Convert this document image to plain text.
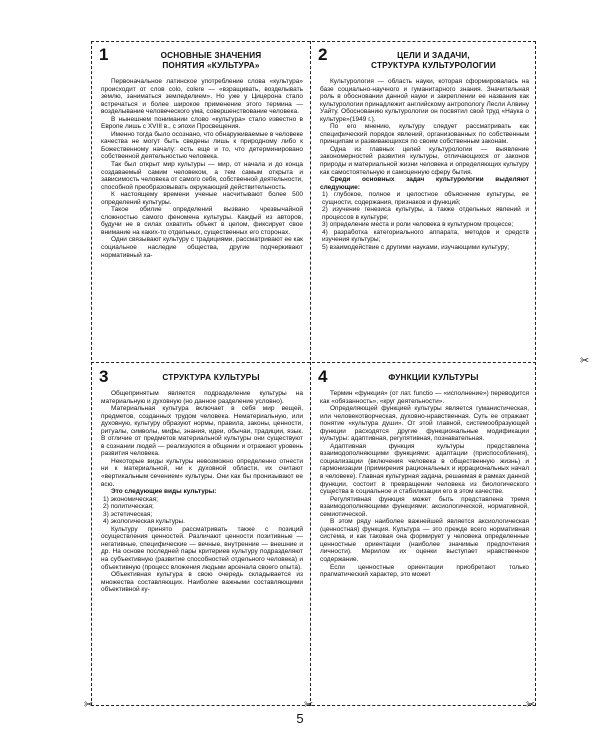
✂
✂
✂	✂
1	ОСНОВНЫЕ ЗНАЧЕНИЯ
ПОНЯТИЯ «КУЛЬТУРА»

Первоначальное латинское употребление слова «культура» происходит от слов colo, colere — «взращивать, возделывать землю, заниматься земледелием». Но уже у Цицерона стало встречаться и более широкое применение этого термина — возделывание человеческого ума, совершенствование человека.

В нынешнем понимании слово «культура» стало известно в Европе лишь с XVIII в., с эпохи Просвещения.

Именно тогда было осознано, что обнаруживаемые в человеке качества не могут быть сведены лишь к природному либо к Божественному началу: есть еще и то, что детерминировано собственной деятельностью человека.

Так был открыт мир культуры — мир, от начала и до конца создаваемый самим человеком, а тем самым открыта и зависимость человека от самого себя, собственной деятельности, способной преобразовывать окружающий действительность.

К настоящему времени ученые насчитывают более 500 определений культуры.

Такое обилие определений вызвано чрезвычайной сложностью самого феномена культуры. Каждый из авторов, будучи не в силах охватить объект в целом, фиксирует свое внимание на каких-то отдельных, существенных его сторонах.

Одни связывают культуру с традициями, рассматривают ее как социальное наследие общества, другие подчеркивают нормативный ха-

2	ЦЕЛИ И ЗАДАЧИ,
СТРУКТУРА КУЛЬТУРОЛОГИИ

Культурология — область науки, которая сформировалась на базе социально-научного и гуманитарного знания. Значительная роль в обосновании данной науки и закреплении ее названия как культурологии принадлежит английскому антропологу Лесли Алвину Уайту. Обоснованию культурологии он посвятил свой труд «Наука о культуре»(1949 г.).

По его мнению, культуру следует рассматривать как специфический порядок явлений, организованных по собственным принципам и развивающихся по своим собственным законам.

Одна из главных целей культурологии — выявление закономерностей развития культуры, отличающихся от законов природы и материальной жизни человека и определяющих культуру как самостоятельную и самоценную сферу бытия.

Среди основных задач культурологии выделяют следующие:

1) глубокое, полное и целостное объяснение культуры, ее сущности, содержания, признаков и функций;
2) изучение генезиса культуры, а также отдельных явлений и процессов в культуре;
3) определение места и роли человека в культурном процессе;
4) разработка категориального аппарата, методов и средств изучения культуры;
5) взаимодействие с другими науками, изучающими культуру;
3	СТРУКТУРА КУЛЬТУРЫ

Общепринятым является подразделение культуры на материальную и духовную (но данное разделение условно).

Материальная культура включает в себя мир вещей, предметов, созданных трудом человека. Нематериальную, или духовную, культуру образуют нормы, правила, законы, ценности, ритуалы, символы, мифы, знания, идеи, обычаи, традиции, язык. В отличие от предметов материальной культуры они существуют в сознании людей — реализуются в общении и отражают уровень развития человека.

Некоторые виды культуры невозможно определенно отнести ни к материальной, ни к духовной области, их считают «вертикальным сечением» культуры. Они как бы пронизывают ее всю.

Это следующие виды культуры:

1) экономическая;
2) политическая;
3) эстетическая;
4) экологическая культуры.

Культуру принято рассматривать также с позиций осуществления ценностей. Различают ценности позитивные — негативные, специфические — вечные, внутренние — внешние и др. На основе последней пары критериев культуру подразделяют на субъективную (развитие способностей отдельного человека) и объективную (процесс вложения людьми арсенала своего опыта).

Объективная культура в свою очередь складывается из множества составляющих. Наиболее важными составляющими объективной ку-

4	ФУНКЦИИ КУЛЬТУРЫ

Термин «функция» (от лат. functio — «исполнение») переводится как «обязанность», «круг деятельности».

Определяющей функцией культуры является гуманистическая, или человекотворческая, духовно-нравственная. Суть ее отражает понятие «культура души». От этой главной, системообразующей функции расходятся другие функциональные модификации культуры: адаптивная, регулятивная, познавательная.

Адаптивная функция культуры представлена взаимодополняющими функциями: адаптации (приспособления), социализации (включения человека в общественную жизнь) и гармонизации (примирения рациональных и иррациональных начал в человеке). Главная культурная задача, решаемая в рамках данной функции, состоит в превращении человека из биологического существа в социальное и стабилизации его в этом качестве.

Регулятивная функция может быть представлена тремя взаимодополняющими функциями: аксиологической, нормативной, семиотической.

В этом ряду наиболее важнейшей является аксиологическая (ценностная) функция. Культура — это прежде всего нормативная система, и как таковая она формирует у человека определенные ценностные ориентации (наиболее значимые предпочтения личности). Мерилом их оценки выступает нравственное содержание.

Если ценностные ориентации приобретают только прагматический характер, это может

5
